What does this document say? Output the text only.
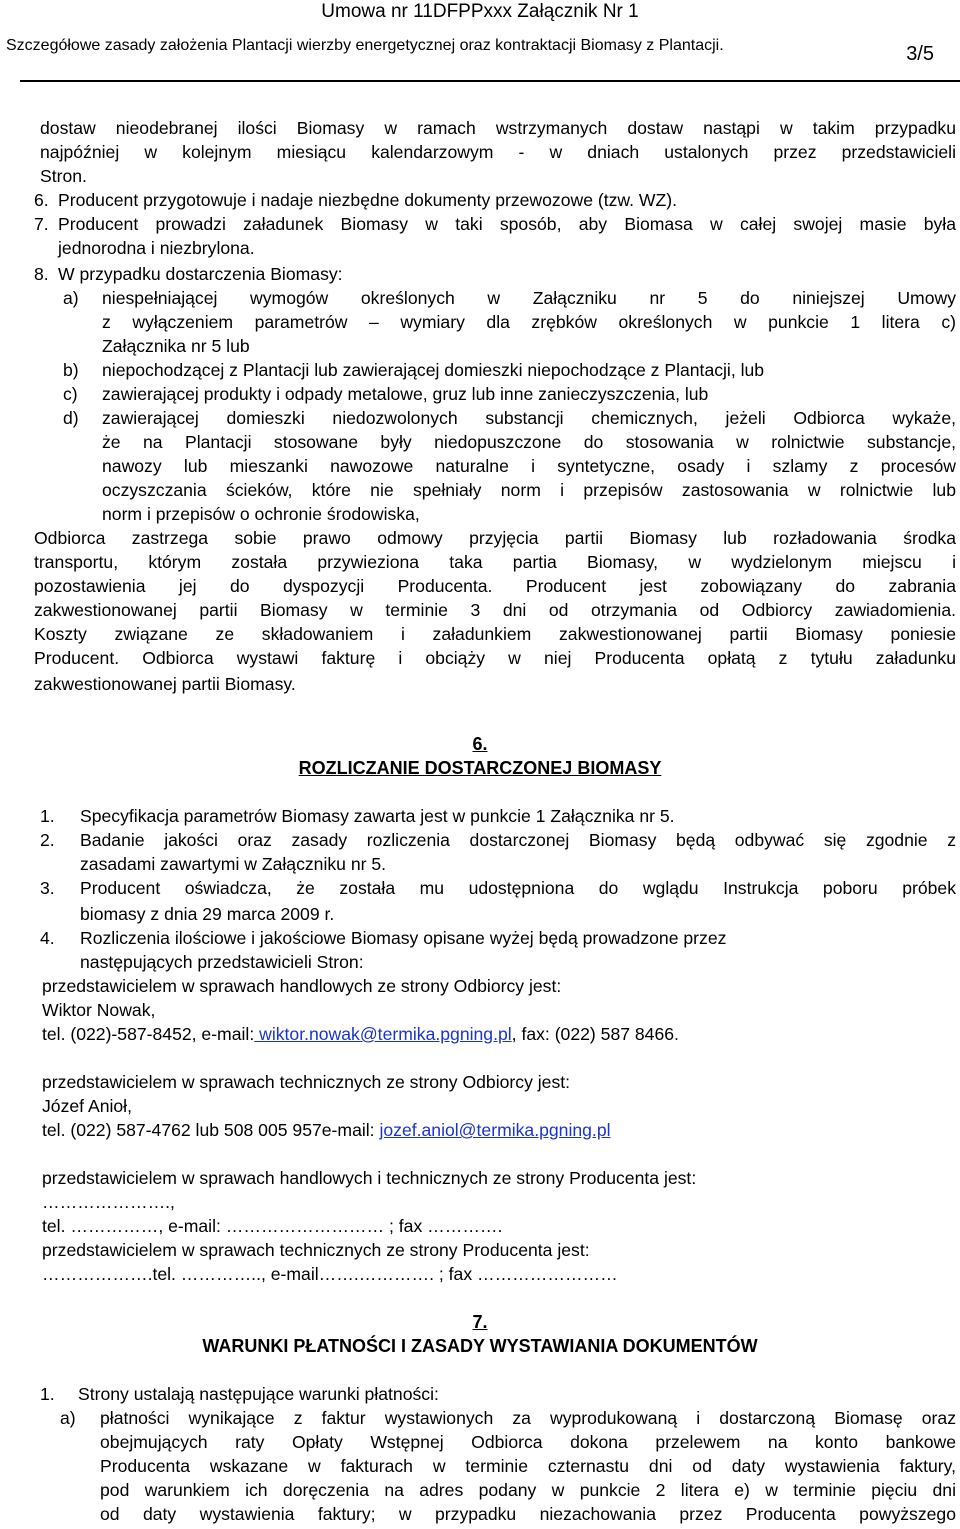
Umowa nr 11DFPPxxx Załącznik Nr 1
Szczegółowe zasady założenia Plantacji wierzby energetycznej oraz kontraktacji Biomasy z Plantacji.	3/5
dostaw nieodebranej ilości Biomasy w ramach wstrzymanych dostaw nastąpi w takim przypadku
najpóźniej w kolejnym miesiącu kalendarzowym - w dniach ustalonych przez przedstawicieli
Stron.
6. Producent przygotowuje i nadaje niezbędne dokumenty przewozowe (tzw. WZ).
7. Producent prowadzi załadunek Biomasy w taki sposób, aby Biomasa w całej swojej masie była
jednorodna i niezbrylona.
8. W przypadku dostarczenia Biomasy:
a) niespełniającej wymogów określonych w Załączniku nr 5 do niniejszej Umowy
z wyłączeniem parametrów – wymiary dla zrębków określonych w punkcie 1 litera c)
Załącznika nr 5 lub
b) niepochodzącej z Plantacji lub zawierającej domieszki niepochodzące z Plantacji, lub
c) zawierającej produkty i odpady metalowe, gruz lub inne zanieczyszczenia, lub
d) zawierającej domieszki niedozwolonych substancji chemicznych, jeżeli Odbiorca wykaże,
że na Plantacji stosowane były niedopuszczone do stosowania w rolnictwie substancje,
nawozy lub mieszanki nawozowe naturalne i syntetyczne, osady i szlamy z procesów
oczyszczania ścieków, które nie spełniały norm i przepisów zastosowania w rolnictwie lub
norm i przepisów o ochronie środowiska,
Odbiorca zastrzega sobie prawo odmowy przyjęcia partii Biomasy lub rozładowania środka
transportu, którym została przywieziona taka partia Biomasy, w wydzielonym miejscu i
pozostawienia jej do dyspozycji Producenta. Producent jest zobowiązany do zabrania
zakwestionowanej partii Biomasy w terminie 3 dni od otrzymania od Odbiorcy zawiadomienia.
Koszty związane ze składowaniem i załadunkiem zakwestionowanej partii Biomasy poniesie
Producent. Odbiorca wystawi fakturę i obciąży w niej Producenta opłatą z tytułu załadunku
zakwestionowanej partii Biomasy.
6.
ROZLICZANIE DOSTARCZONEJ BIOMASY
1. Specyfikacja parametrów Biomasy zawarta jest w punkcie 1 Załącznika nr 5.
2. Badanie jakości oraz zasady rozliczenia dostarczonej Biomasy będą odbywać się zgodnie z
zasadami zawartymi w Załączniku nr 5.
3. Producent oświadcza, że została mu udostępniona do wglądu Instrukcja poboru próbek
biomasy z dnia 29 marca 2009 r.
4. Rozliczenia ilościowe i jakościowe Biomasy opisane wyżej będą prowadzone przez
następujących przedstawicieli Stron:
przedstawicielem w sprawach handlowych ze strony Odbiorcy jest:
Wiktor Nowak,
tel. (022)-587-8452, e-mail: wiktor.nowak@termika.pgning.pl, fax: (022) 587 8466.
przedstawicielem w sprawach technicznych ze strony Odbiorcy jest:
Józef Anioł,
tel. (022) 587-4762 lub 508 005 957e-mail: jozef.aniol@termika.pgning.pl
przedstawicielem w sprawach handlowych i technicznych ze strony Producenta jest:
………………….,
tel. ……………, e-mail: ……………………… ; fax ………….
przedstawicielem w sprawach technicznych ze strony Producenta jest:
……………….tel. ………….., e-mail…….…………. ; fax ……………………
7.
WARUNKI PŁATNOŚCI I ZASADY WYSTAWIANIA DOKUMENTÓW
1. Strony ustalają następujące warunki płatności:
a) płatności wynikające z faktur wystawionych za wyprodukowaną i dostarczoną Biomasę oraz
obejmujących raty Opłaty Wstępnej Odbiorca dokona przelewem na konto bankowe
Producenta wskazane w fakturach w terminie czternastu dni od daty wystawienia faktury,
pod warunkiem ich doręczenia na adres podany w punkcie 2 litera e) w terminie pięciu dni
od daty wystawienia faktury; w przypadku niezachowania przez Producenta powyższego
